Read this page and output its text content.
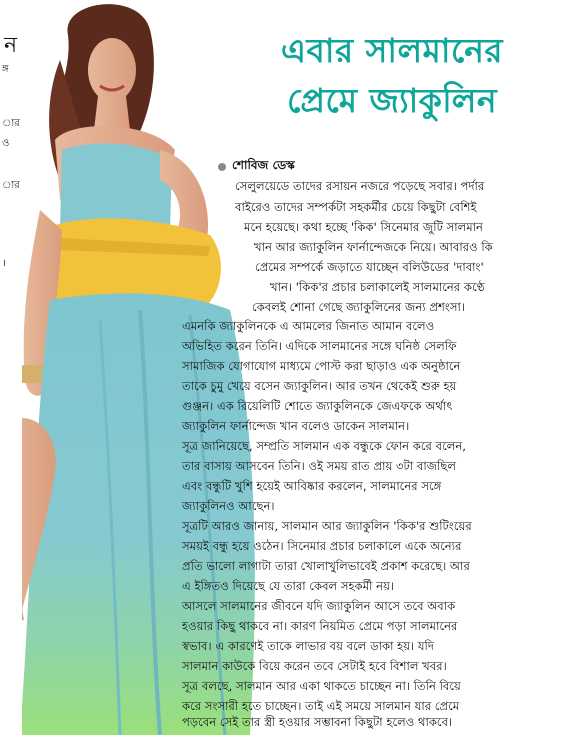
ন
ঙ্গ
ার
ও
ার
।
এবার সালমানের
প্রেমে জ্যাকুলিন
শোবিজ ডেস্ক
সেলুলয়েডে তাদের রসায়ন নজরে পড়েছে সবার। পর্দার
বাইরেও তাদের সম্পর্কটা সহকর্মীর চেয়ে কিছুটা বেশিই
মনে হয়েছে। কথা হচ্ছে 'কিক' সিনেমার জুটি সালমান
খান আর জ্যাকুলিন ফার্নান্দেজকে নিয়ে। আবারও কি
প্রেমের সম্পর্কে জড়াতে যাচ্ছেন বলিউডের 'দাবাং'
খান। 'কিক'র প্রচার চলাকালেই সালমানের কণ্ঠে
কেবলই শোনা গেছে জ্যাকুলিনের জন্য প্রশংসা।
এমনকি জ্যাকুলিনকে এ আমলের জিনাত আমান বলেও
অভিহিত করেন তিনি। এদিকে সালমানের সঙ্গে ঘনিষ্ঠ সেলফি
সামাজিক যোগাযোগ মাধ্যমে পোস্ট করা ছাড়াও এক অনুষ্ঠানে
তাকে চুমু খেয়ে বসেন জ্যাকুলিন। আর তখন থেকেই শুরু হয়
গুঞ্জন। এক রিয়েলিটি শোতে জ্যাকুলিনকে জেএফকে অর্থাৎ
জ্যাকুলিন ফার্নান্দেজ খান বলেও ডাকেন সালমান।
সূত্র জানিয়েছে, সম্প্রতি সালমান এক বন্ধুকে ফোন করে বলেন,
তার বাসায় আসবেন তিনি। ওই সময় রাত প্রায় ৩টা বাজছিল
এবং বন্ধুটি খুশি হয়েই আবিষ্কার করলেন, সালমানের সঙ্গে
জ্যাকুলিনও আছেন।
সূত্রটি আরও জানায়, সালমান আর জ্যাকুলিন 'কিক'র শুটিংয়ের
সময়ই বন্ধু হয়ে ওঠেন। সিনেমার প্রচার চলাকালে একে অন্যের
প্রতি ভালো লাগাটা তারা খোলাখুলিভাবেই প্রকাশ করেছে। আর
এ ইঙ্গিতও দিয়েছে যে তারা কেবল সহকর্মী নয়।
আসলে সালমানের জীবনে যদি জ্যাকুলিন আসে তবে অবাক
হওয়ার কিছু থাকবে না। কারণ নিয়মিত প্রেমে পড়া সালমানের
স্বভাব। এ কারণেই তাকে লাভার বয় বলে ডাকা হয়। যদি
সালমান কাউকে বিয়ে করেন তবে সেটাই হবে বিশাল খবর।
সূত্র বলছে, সালমান আর একা থাকতে চাচ্ছেন না। তিনি বিয়ে
করে সংসারী হতে চাচ্ছেন। তাই এই সময়ে সালমান যার প্রেমে
পড়বেন সেই তার স্ত্রী হওয়ার সম্ভাবনা কিছুটা হলেও থাকবে।
